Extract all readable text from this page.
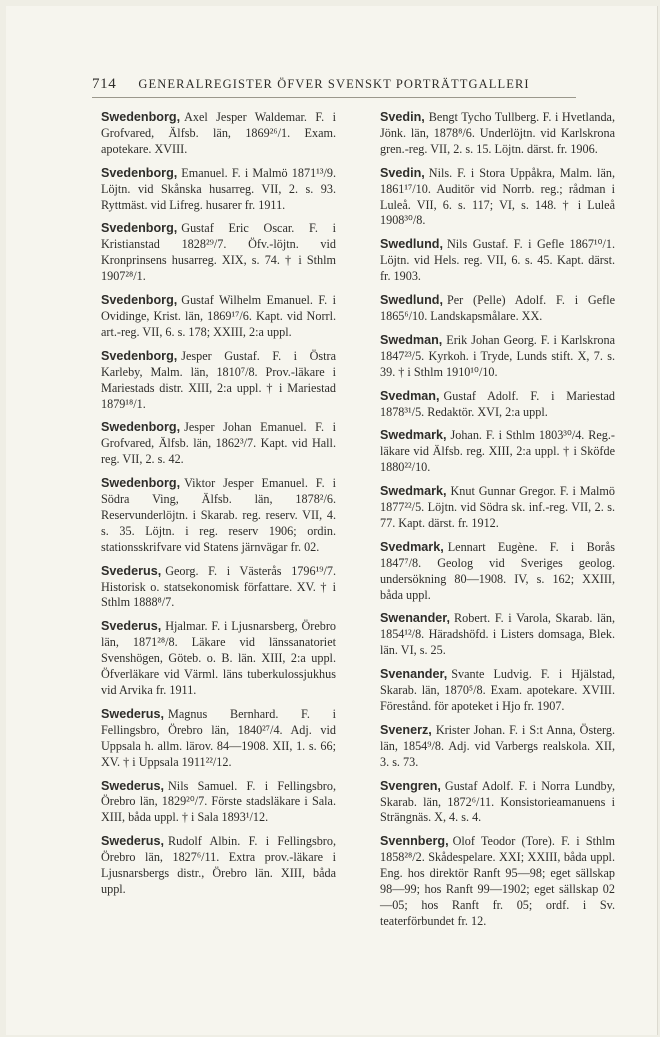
714 GENERALREGISTER ÖFVER SVENSKT PORTRÄTTGALLERI

Swedenborg, Axel Jesper Waldemar. F. i Grofvared, Älfsb. län, 1869²⁶/1. Exam. apotekare. XVIII.

Svedenborg, Emanuel. F. i Malmö 1871¹³/9. Löjtn. vid Skånska husarreg. VII, 2. s. 93. Ryttmäst. vid Lifreg. husarer fr. 1911.

Svedenborg, Gustaf Eric Oscar. F. i Kristianstad 1828²⁹/7. Öfv.-löjtn. vid Kronprinsens husarreg. XIX, s. 74. † i Sthlm 1907²⁸/1.

Svedenborg, Gustaf Wilhelm Emanuel. F. i Ovidinge, Krist. län, 1869¹⁷/6. Kapt. vid Norrl. art.-reg. VII, 6. s. 178; XXIII, 2:a uppl.

Svedenborg, Jesper Gustaf. F. i Östra Karleby, Malm. län, 1810⁷/8. Prov.-läkare i Mariestads distr. XIII, 2:a uppl. † i Mariestad 1879¹⁸/1.

Swedenborg, Jesper Johan Emanuel. F. i Grofvared, Älfsb. län, 1862³/7. Kapt. vid Hall. reg. VII, 2. s. 42.

Swedenborg, Viktor Jesper Emanuel. F. i Södra Ving, Älfsb. län, 1878²/6. Reservunderlöjtn. i Skarab. reg. reserv. VII, 4. s. 35. Löjtn. i reg. reserv 1906; ordin. stationsskrifvare vid Statens järnvägar fr. 02.

Svederus, Georg. F. i Västerås 1796¹⁹/7. Historisk o. statsekonomisk författare. XV. † i Sthlm 1888⁸/7.

Svederus, Hjalmar. F. i Ljusnarsberg, Örebro län, 1871²⁸/8. Läkare vid länssanatoriet Svenshögen, Göteb. o. B. län. XIII, 2:a uppl. Öfverläkare vid Värml. läns tuberkulossjukhus vid Arvika fr. 1911.

Swederus, Magnus Bernhard. F. i Fellingsbro, Örebro län, 1840²⁷/4. Adj. vid Uppsala h. allm. lärov. 84—1908. XII, 1. s. 66; XV. † i Uppsala 1911²²/12.

Swederus, Nils Samuel. F. i Fellingsbro, Örebro län, 1829²⁰/7. Förste stadsläkare i Sala. XIII, båda uppl. † i Sala 1893¹/12.

Swederus, Rudolf Albin. F. i Fellingsbro, Örebro län, 1827⁶/11. Extra prov.-läkare i Ljusnarsbergs distr., Örebro län. XIII, båda uppl.

Svedin, Bengt Tycho Tullberg. F. i Hvetlanda, Jönk. län, 1878⁸/6. Underlöjtn. vid Karlskrona gren.-reg. VII, 2. s. 15. Löjtn. därst. fr. 1906.

Svedin, Nils. F. i Stora Uppåkra, Malm. län, 1861¹⁷/10. Auditör vid Norrb. reg.; rådman i Luleå. VII, 6. s. 117; VI, s. 148. † i Luleå 1908³⁰/8.

Swedlund, Nils Gustaf. F. i Gefle 1867¹⁰/1. Löjtn. vid Hels. reg. VII, 6. s. 45. Kapt. därst. fr. 1903.

Swedlund, Per (Pelle) Adolf. F. i Gefle 1865⁶/10. Landskapsmålare. XX.

Swedman, Erik Johan Georg. F. i Karlskrona 1847²³/5. Kyrkoh. i Tryde, Lunds stift. X, 7. s. 39. † i Sthlm 1910¹⁰/10.

Svedman, Gustaf Adolf. F. i Mariestad 1878³¹/5. Redaktör. XVI, 2:a uppl.

Swedmark, Johan. F. i Sthlm 1803³⁰/4. Reg.-läkare vid Älfsb. reg. XIII, 2:a uppl. † i Sköfde 1880²²/10.

Swedmark, Knut Gunnar Gregor. F. i Malmö 1877²²/5. Löjtn. vid Södra sk. inf.-reg. VII, 2. s. 77. Kapt. därst. fr. 1912.

Svedmark, Lennart Eugène. F. i Borås 1847⁷/8. Geolog vid Sveriges geolog. undersökning 80—1908. IV, s. 162; XXIII, båda uppl.

Swenander, Robert. F. i Varola, Skarab. län, 1854¹²/8. Häradshöfd. i Listers domsaga, Blek. län. VI, s. 25.

Svenander, Svante Ludvig. F. i Hjälstad, Skarab. län, 1870⁵/8. Exam. apotekare. XVIII. Förestånd. för apoteket i Hjo fr. 1907.

Svenerz, Krister Johan. F. i S:t Anna, Österg. län, 1854⁹/8. Adj. vid Varbergs realskola. XII, 3. s. 73.

Svengren, Gustaf Adolf. F. i Norra Lundby, Skarab. län, 1872⁶/11. Konsistorieamanuens i Strängnäs. X, 4. s. 4.

Svennberg, Olof Teodor (Tore). F. i Sthlm 1858²⁸/2. Skådespelare. XXI; XXIII, båda uppl. Eng. hos direktör Ranft 95—98; eget sällskap 98—99; hos Ranft 99—1902; eget sällskap 02—05; hos Ranft fr. 05; ordf. i Sv. teaterförbundet fr. 12.
